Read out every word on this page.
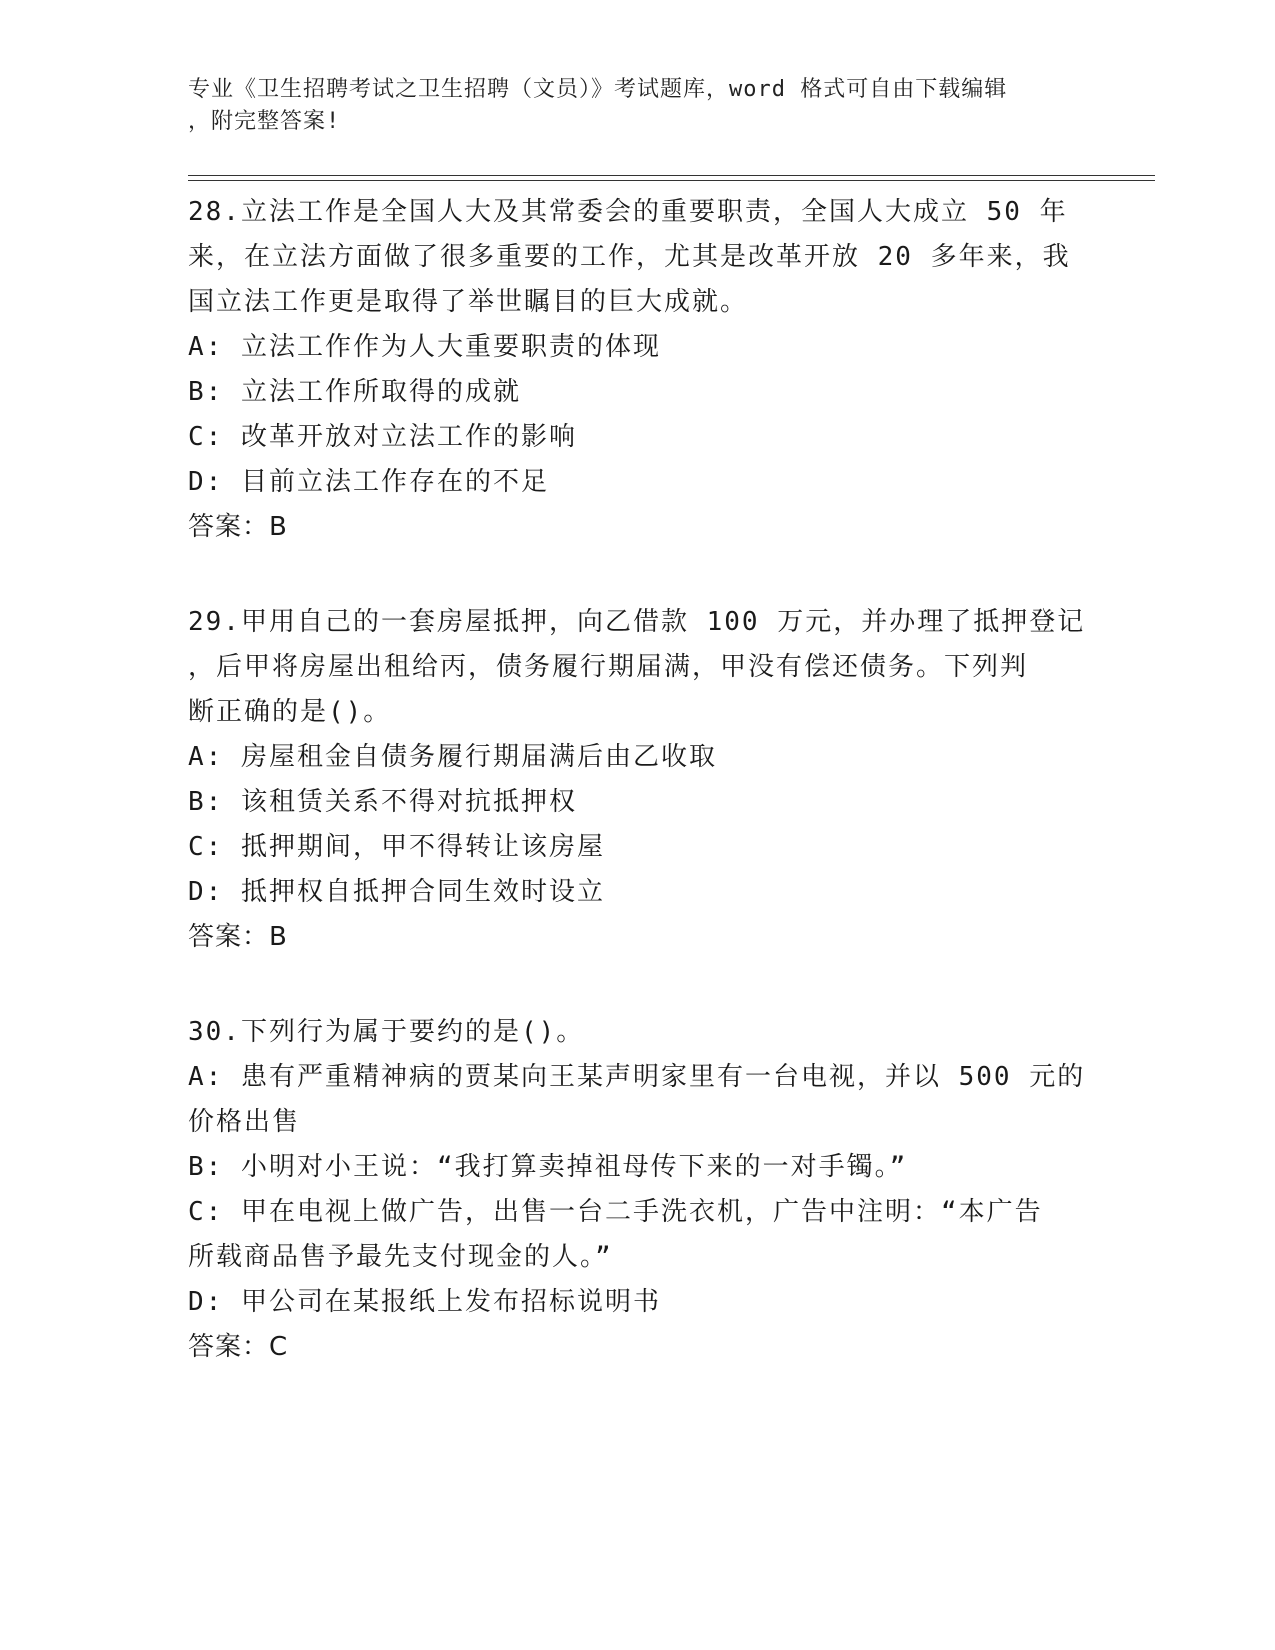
专业《卫生招聘考试之卫生招聘（文员）》考试题库，word 格式可自由下载编辑
，附完整答案!
28.立法工作是全国人大及其常委会的重要职责，全国人大成立 50 年
来，在立法方面做了很多重要的工作，尤其是改革开放 20 多年来，我
国立法工作更是取得了举世瞩目的巨大成就。
A: 立法工作作为人大重要职责的体现
B: 立法工作所取得的成就
C: 改革开放对立法工作的影响
D: 目前立法工作存在的不足
答案：B
29.甲用自己的一套房屋抵押，向乙借款 100 万元，并办理了抵押登记
，后甲将房屋出租给丙，债务履行期届满，甲没有偿还债务。下列判
断正确的是()。
A: 房屋租金自债务履行期届满后由乙收取
B: 该租赁关系不得对抗抵押权
C: 抵押期间，甲不得转让该房屋
D: 抵押权自抵押合同生效时设立
答案：B
30.下列行为属于要约的是()。
A: 患有严重精神病的贾某向王某声明家里有一台电视，并以 500 元的
价格出售
B: 小明对小王说：“我打算卖掉祖母传下来的一对手镯。”
C: 甲在电视上做广告，出售一台二手洗衣机，广告中注明：“本广告
所载商品售予最先支付现金的人。”
D: 甲公司在某报纸上发布招标说明书
答案：C
